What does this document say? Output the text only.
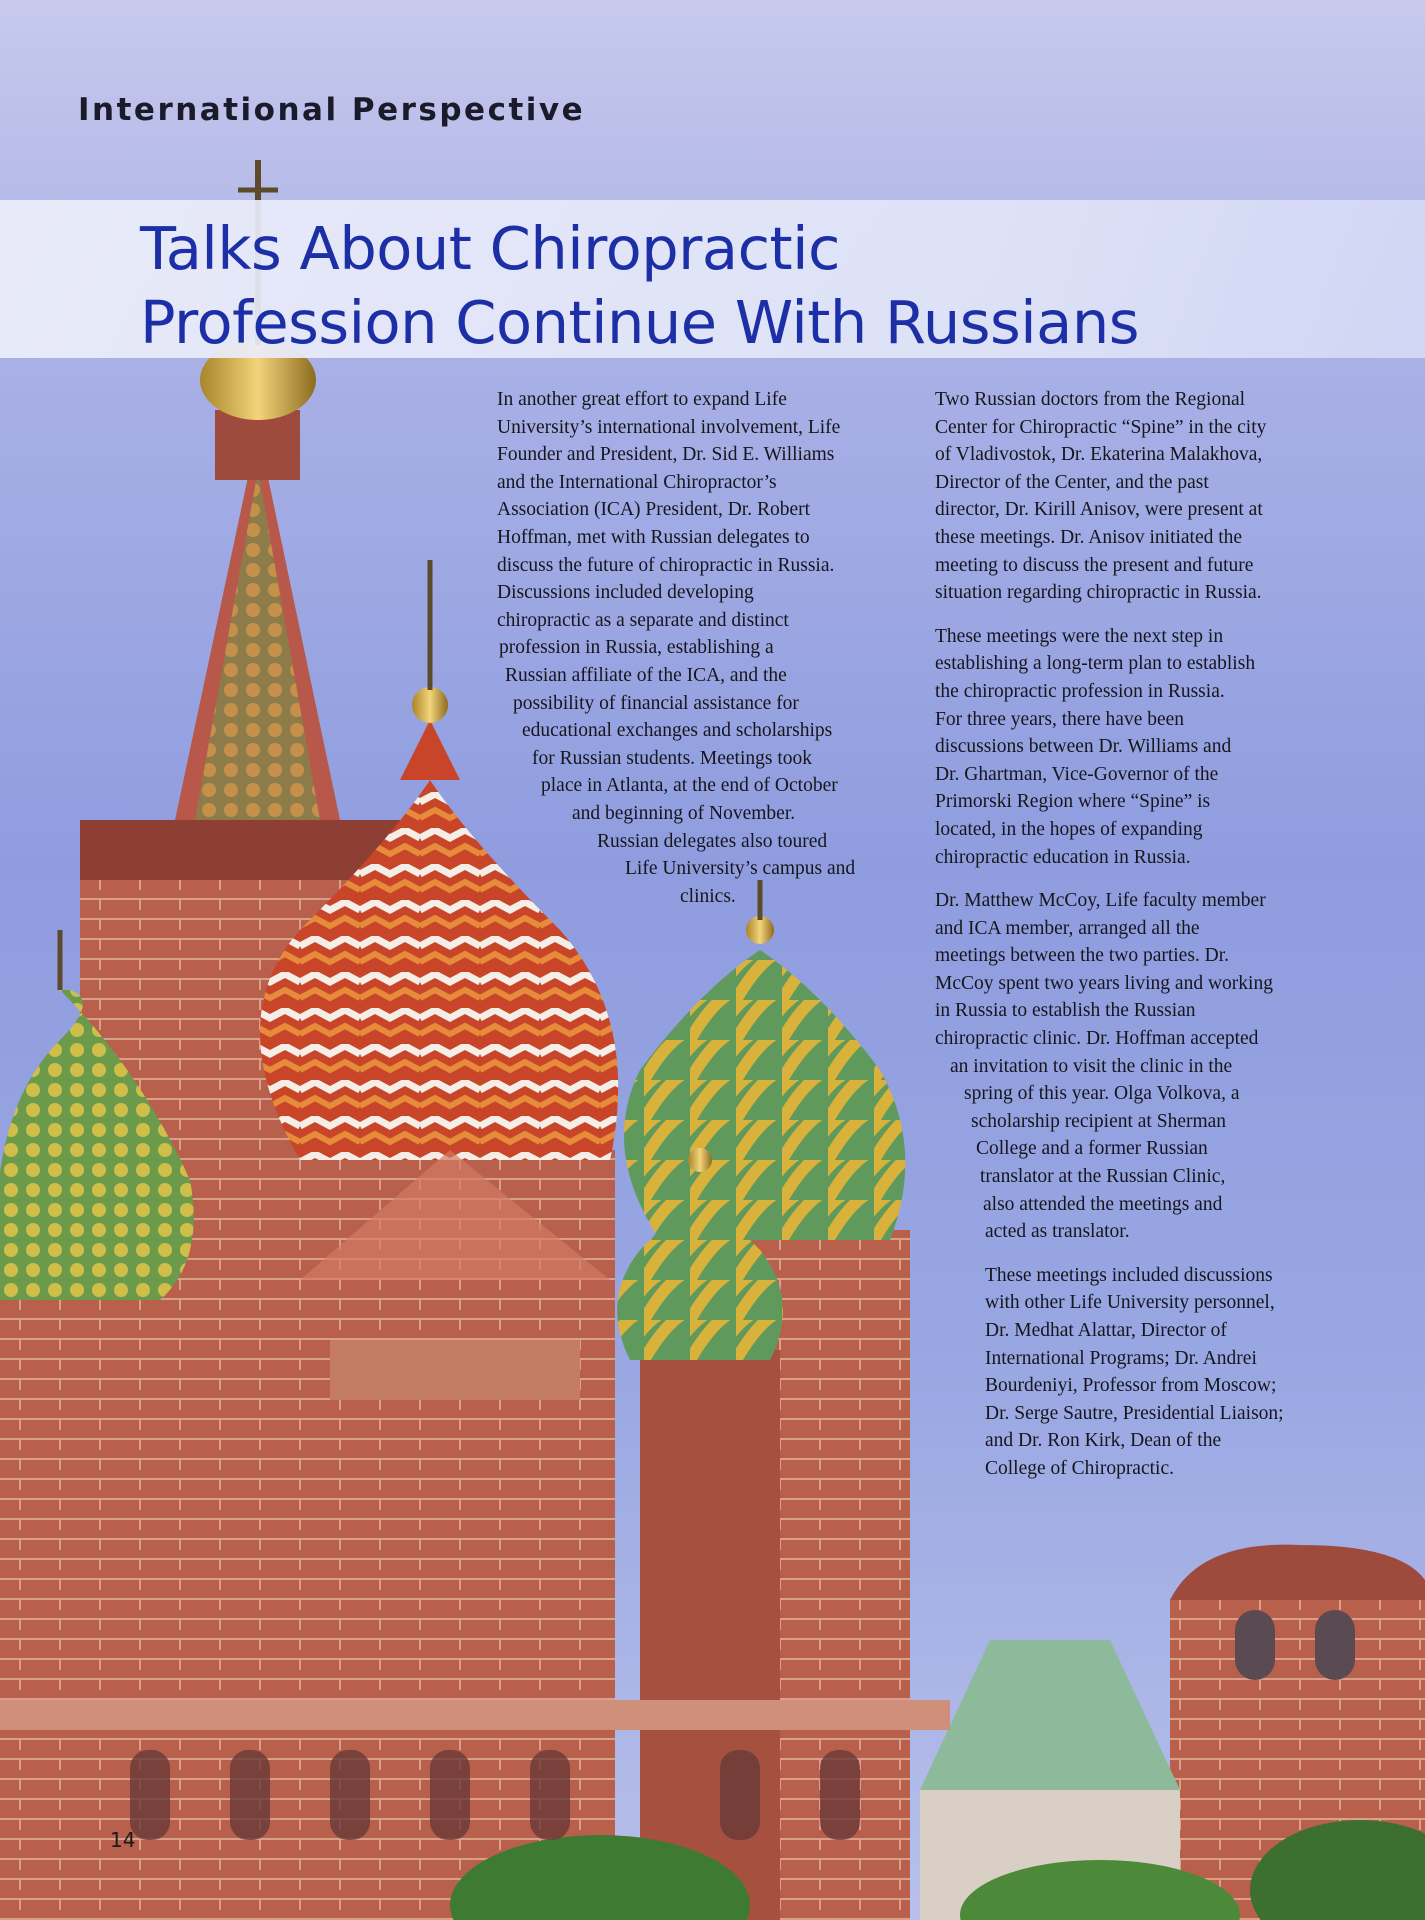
International Perspective
Talks About Chiropractic
Profession Continue With Russians
In another great effort to expand Life
University’s international involvement, Life
Founder and President, Dr. Sid E. Williams
and the International Chiropractor’s
Association (ICA) President, Dr. Robert
Hoffman, met with Russian delegates to
discuss the future of chiropractic in Russia.
Discussions included developing
chiropractic as a separate and distinct
profession in Russia, establishing a
Russian affiliate of the ICA, and the
possibility of financial assistance for
educational exchanges and scholarships
for Russian students. Meetings took
place in Atlanta, at the end of October
and beginning of November.
Russian delegates also toured
Life University’s campus and
clinics.

Two Russian doctors from the Regional
Center for Chiropractic “Spine” in the city
of Vladivostok, Dr. Ekaterina Malakhova,
Director of the Center, and the past
director, Dr. Kirill Anisov, were present at
these meetings. Dr. Anisov initiated the
meeting to discuss the present and future
situation regarding chiropractic in Russia.

These meetings were the next step in
establishing a long-term plan to establish
the chiropractic profession in Russia.
For three years, there have been
discussions between Dr. Williams and
Dr. Ghartman, Vice-Governor of the
Primorski Region where “Spine” is
located, in the hopes of expanding
chiropractic education in Russia.

Dr. Matthew McCoy, Life faculty member
and ICA member, arranged all the
meetings between the two parties. Dr.
McCoy spent two years living and working
in Russia to establish the Russian
chiropractic clinic. Dr. Hoffman accepted
an invitation to visit the clinic in the
spring of this year. Olga Volkova, a
scholarship recipient at Sherman
College and a former Russian
translator at the Russian Clinic,
also attended the meetings and
acted as translator.

These meetings included discussions
with other Life University personnel,
Dr. Medhat Alattar, Director of
International Programs; Dr. Andrei
Bourdeniyi, Professor from Moscow;
Dr. Serge Sautre, Presidential Liaison;
and Dr. Ron Kirk, Dean of the
College of Chiropractic.

14
